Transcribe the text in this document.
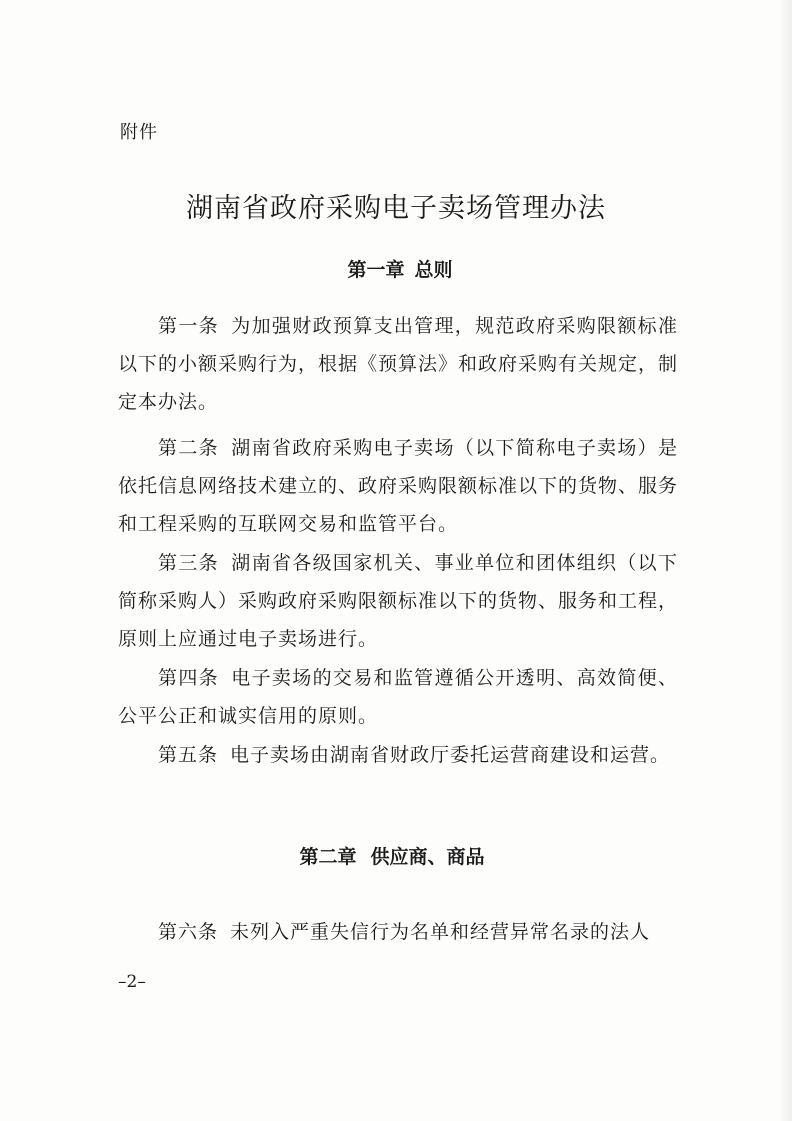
附件
湖南省政府采购电子卖场管理办法
第一章 总则
第一条 为加强财政预算支出管理，规范政府采购限额标准以下的小额采购行为，根据《预算法》和政府采购有关规定，制定本办法。
第二条 湖南省政府采购电子卖场（以下简称电子卖场）是依托信息网络技术建立的、政府采购限额标准以下的货物、服务和工程采购的互联网交易和监管平台。
第三条 湖南省各级国家机关、事业单位和团体组织（以下简称采购人）采购政府采购限额标准以下的货物、服务和工程，原则上应通过电子卖场进行。
第四条 电子卖场的交易和监管遵循公开透明、高效简便、公平公正和诚实信用的原则。
第五条 电子卖场由湖南省财政厅委托运营商建设和运营。
第二章 供应商、商品
第六条 未列入严重失信行为名单和经营异常名录的法人
–2–
